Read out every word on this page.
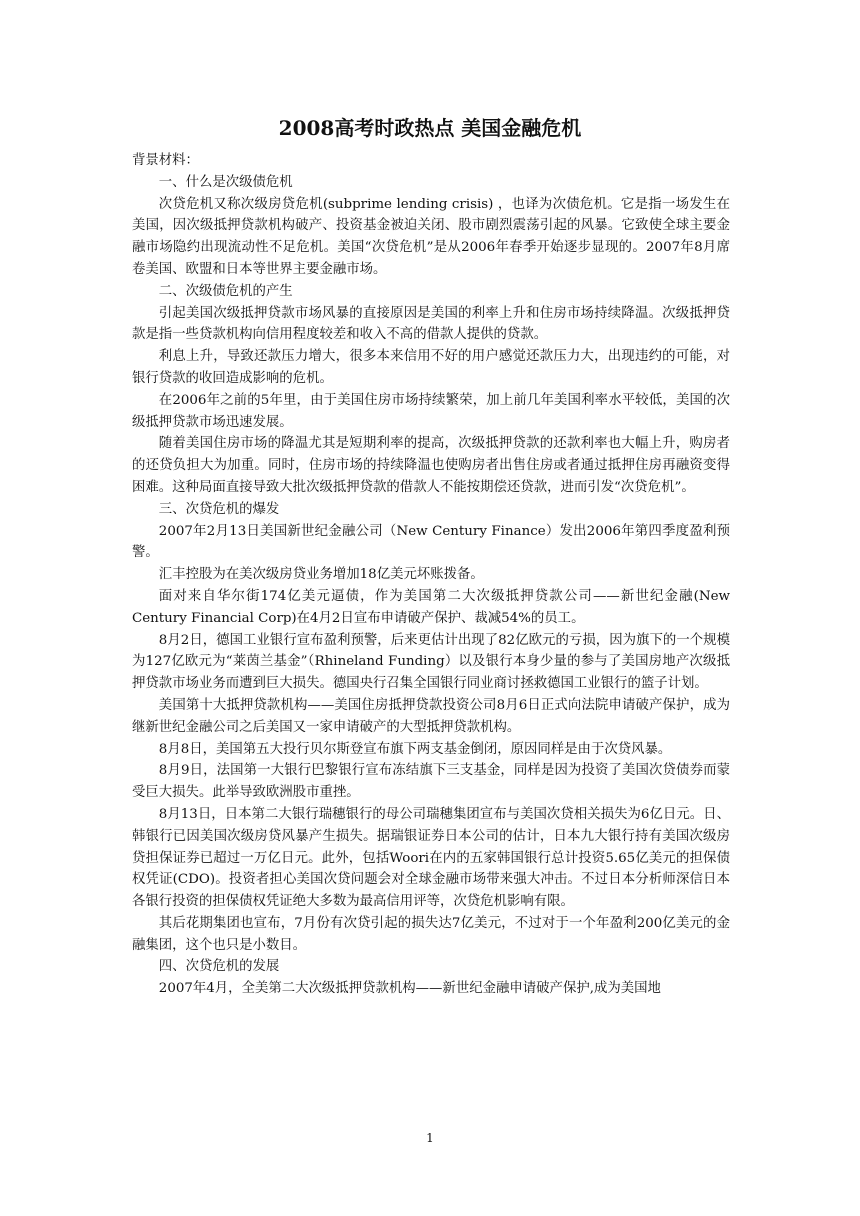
2008高考时政热点 美国金融危机

背景材料：

一、什么是次级债危机

次贷危机又称次级房贷危机(subprime lending crisis) ，也译为次债危机。它是指一场发生在美国，因次级抵押贷款机构破产、投资基金被迫关闭、股市剧烈震荡引起的风暴。它致使全球主要金融市场隐约出现流动性不足危机。美国“次贷危机”是从2006年春季开始逐步显现的。2007年8月席卷美国、欧盟和日本等世界主要金融市场。

二、次级债危机的产生

引起美国次级抵押贷款市场风暴的直接原因是美国的利率上升和住房市场持续降温。次级抵押贷款是指一些贷款机构向信用程度较差和收入不高的借款人提供的贷款。

利息上升，导致还款压力增大，很多本来信用不好的用户感觉还款压力大，出现违约的可能，对银行贷款的收回造成影响的危机。

在2006年之前的5年里，由于美国住房市场持续繁荣，加上前几年美国利率水平较低，美国的次级抵押贷款市场迅速发展。

随着美国住房市场的降温尤其是短期利率的提高，次级抵押贷款的还款利率也大幅上升，购房者的还贷负担大为加重。同时，住房市场的持续降温也使购房者出售住房或者通过抵押住房再融资变得困难。这种局面直接导致大批次级抵押贷款的借款人不能按期偿还贷款，进而引发“次贷危机”。

三、次贷危机的爆发

2007年2月13日美国新世纪金融公司（New Century Finance）发出2006年第四季度盈利预警。

汇丰控股为在美次级房贷业务增加18亿美元坏账拨备。

面对来自华尔街174亿美元逼债，作为美国第二大次级抵押贷款公司——新世纪金融(New Century Financial Corp)在4月2日宣布申请破产保护、裁减54%的员工。

8月2日，德国工业银行宣布盈利预警，后来更估计出现了82亿欧元的亏损，因为旗下的一个规模为127亿欧元为“莱茵兰基金”（Rhineland Funding）以及银行本身少量的参与了美国房地产次级抵押贷款市场业务而遭到巨大损失。德国央行召集全国银行同业商讨拯救德国工业银行的篮子计划。

美国第十大抵押贷款机构——美国住房抵押贷款投资公司8月6日正式向法院申请破产保护，成为继新世纪金融公司之后美国又一家申请破产的大型抵押贷款机构。

8月8日，美国第五大投行贝尔斯登宣布旗下两支基金倒闭，原因同样是由于次贷风暴。

8月9日，法国第一大银行巴黎银行宣布冻结旗下三支基金，同样是因为投资了美国次贷债券而蒙受巨大损失。此举导致欧洲股市重挫。

8月13日，日本第二大银行瑞穗银行的母公司瑞穗集团宣布与美国次贷相关损失为6亿日元。日、韩银行已因美国次级房贷风暴产生损失。据瑞银证券日本公司的估计，日本九大银行持有美国次级房贷担保证券已超过一万亿日元。此外，包括Woori在内的五家韩国银行总计投资5.65亿美元的担保债权凭证(CDO)。投资者担心美国次贷问题会对全球金融市场带来强大冲击。不过日本分析师深信日本各银行投资的担保债权凭证绝大多数为最高信用评等，次贷危机影响有限。

其后花期集团也宣布，7月份有次贷引起的损失达7亿美元，不过对于一个年盈利200亿美元的金融集团，这个也只是小数目。

四、次贷危机的发展

2007年4月，全美第二大次级抵押贷款机构——新世纪金融申请破产保护,成为美国地

1
